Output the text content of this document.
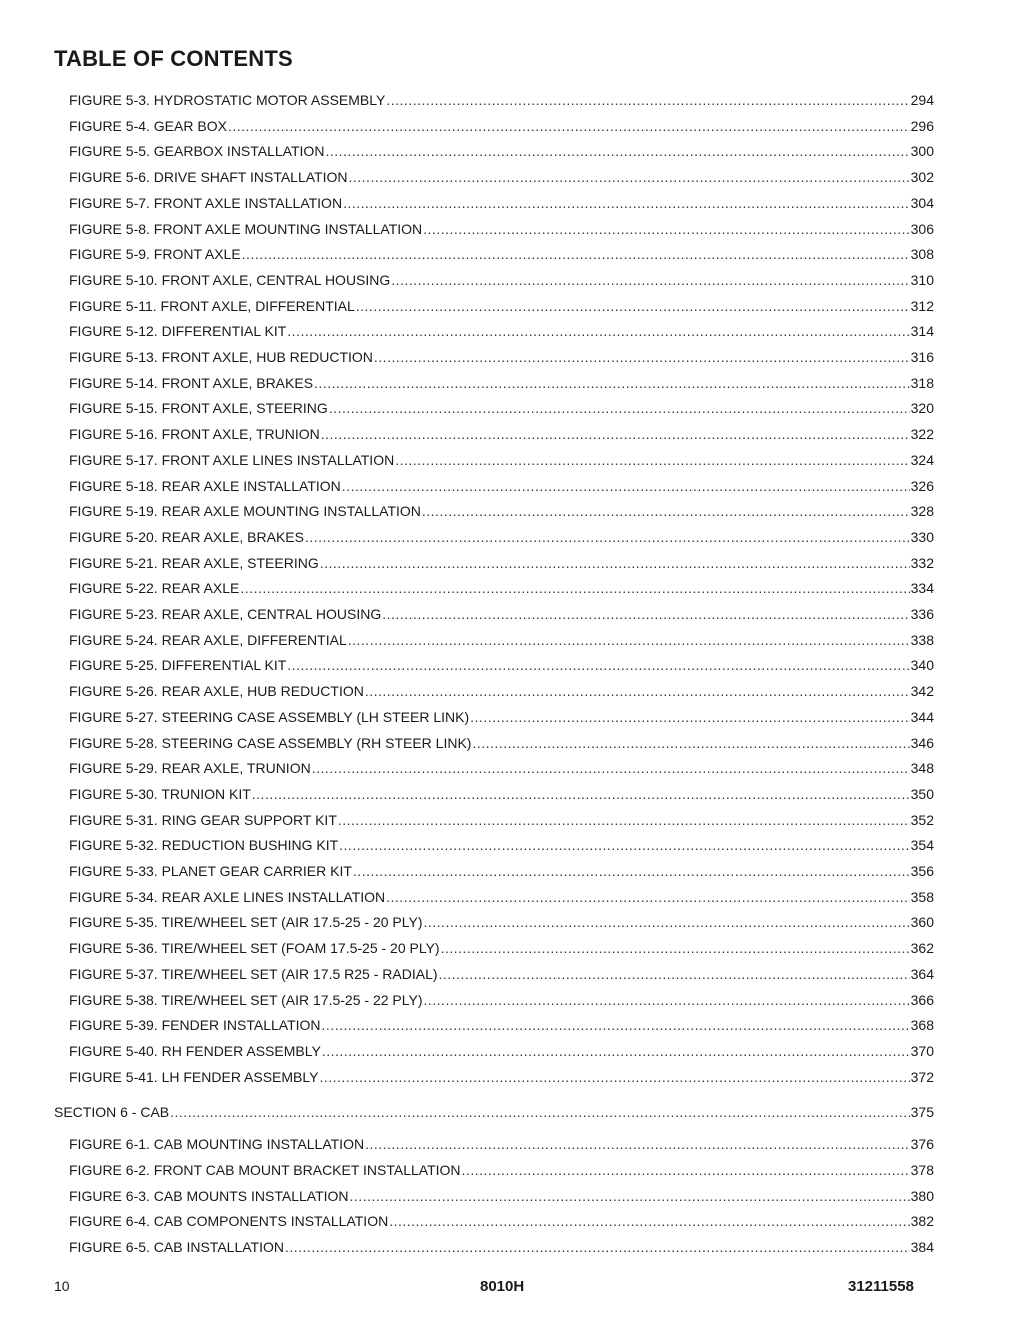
TABLE OF CONTENTS
FIGURE 5-3. HYDROSTATIC MOTOR ASSEMBLY .....	294
FIGURE 5-4. GEAR BOX .....	296
FIGURE 5-5. GEARBOX INSTALLATION .....	300
FIGURE 5-6. DRIVE SHAFT INSTALLATION .....	302
FIGURE 5-7. FRONT AXLE INSTALLATION .....	304
FIGURE 5-8. FRONT AXLE MOUNTING INSTALLATION .....	306
FIGURE 5-9. FRONT AXLE .....	308
FIGURE 5-10. FRONT AXLE, CENTRAL HOUSING .....	310
FIGURE 5-11. FRONT AXLE, DIFFERENTIAL .....	312
FIGURE 5-12. DIFFERENTIAL KIT .....	314
FIGURE 5-13. FRONT AXLE, HUB REDUCTION .....	316
FIGURE 5-14. FRONT AXLE, BRAKES .....	318
FIGURE 5-15. FRONT AXLE, STEERING .....	320
FIGURE 5-16. FRONT AXLE, TRUNION .....	322
FIGURE 5-17. FRONT AXLE LINES INSTALLATION .....	324
FIGURE 5-18. REAR AXLE INSTALLATION .....	326
FIGURE 5-19. REAR AXLE MOUNTING INSTALLATION .....	328
FIGURE 5-20. REAR AXLE, BRAKES .....	330
FIGURE 5-21. REAR AXLE, STEERING .....	332
FIGURE 5-22. REAR AXLE .....	334
FIGURE 5-23. REAR AXLE, CENTRAL HOUSING .....	336
FIGURE 5-24. REAR AXLE, DIFFERENTIAL .....	338
FIGURE 5-25. DIFFERENTIAL KIT .....	340
FIGURE 5-26. REAR AXLE, HUB REDUCTION .....	342
FIGURE 5-27. STEERING CASE ASSEMBLY (LH STEER LINK) .....	344
FIGURE 5-28. STEERING CASE ASSEMBLY (RH STEER LINK) .....	346
FIGURE 5-29. REAR AXLE, TRUNION .....	348
FIGURE 5-30. TRUNION KIT .....	350
FIGURE 5-31. RING GEAR SUPPORT KIT .....	352
FIGURE 5-32. REDUCTION BUSHING KIT .....	354
FIGURE 5-33. PLANET GEAR CARRIER KIT .....	356
FIGURE 5-34. REAR AXLE LINES INSTALLATION .....	358
FIGURE 5-35. TIRE/WHEEL SET (AIR 17.5-25 - 20 PLY) .....	360
FIGURE 5-36. TIRE/WHEEL SET (FOAM 17.5-25 - 20 PLY) .....	362
FIGURE 5-37. TIRE/WHEEL SET (AIR 17.5 R25 - RADIAL) .....	364
FIGURE 5-38. TIRE/WHEEL SET (AIR 17.5-25 - 22 PLY) .....	366
FIGURE 5-39. FENDER INSTALLATION .....	368
FIGURE 5-40. RH FENDER ASSEMBLY .....	370
FIGURE 5-41. LH FENDER ASSEMBLY .....	372
SECTION 6 - CAB .....	375
FIGURE 6-1. CAB MOUNTING INSTALLATION .....	376
FIGURE 6-2. FRONT CAB MOUNT BRACKET INSTALLATION .....	378
FIGURE 6-3. CAB MOUNTS INSTALLATION .....	380
FIGURE 6-4. CAB COMPONENTS INSTALLATION .....	382
FIGURE 6-5. CAB INSTALLATION .....	384
10	8010H	31211558
